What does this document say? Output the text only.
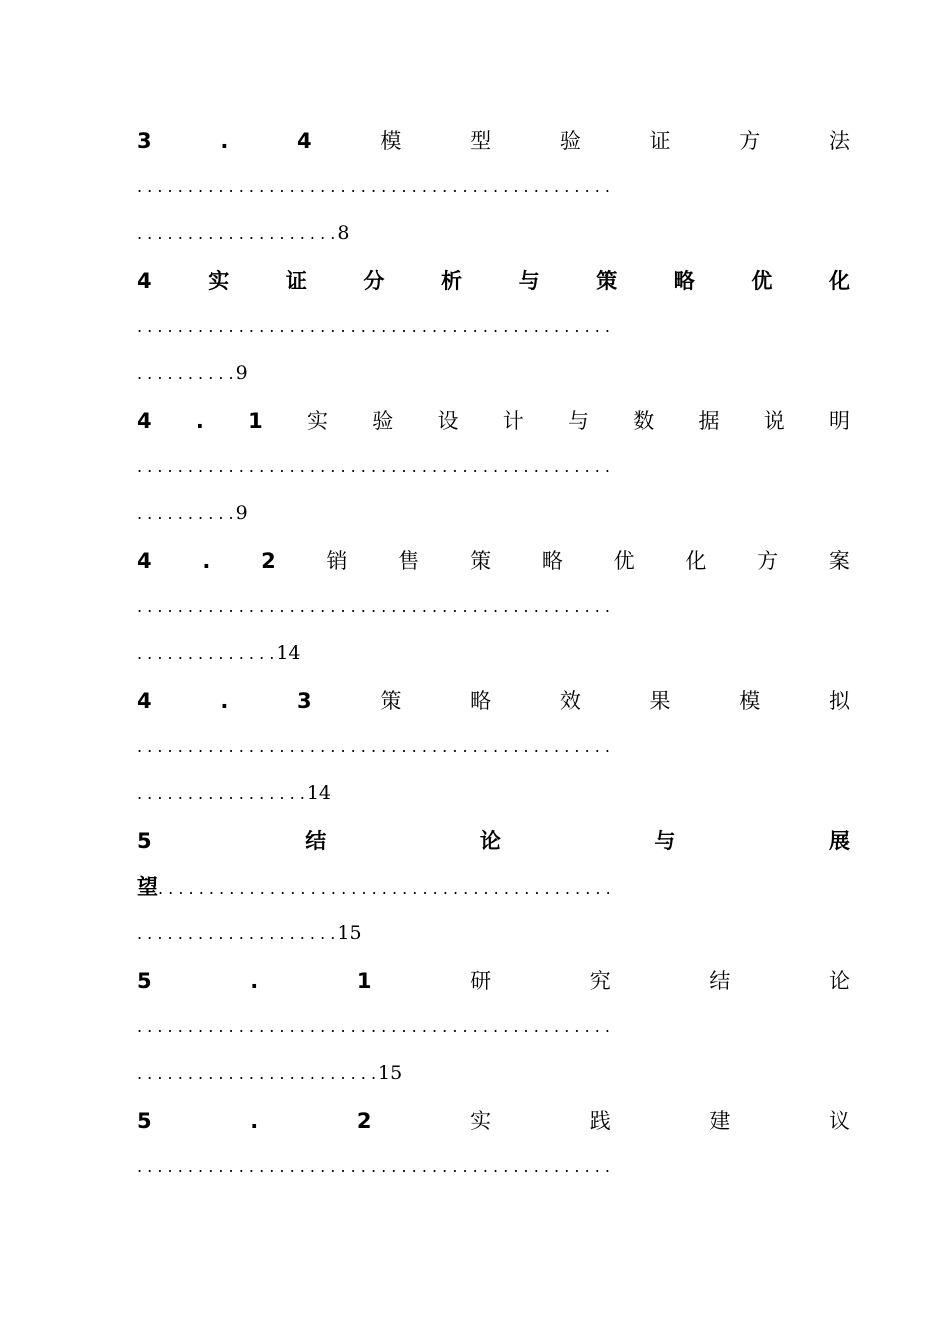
3	.	4	模	型	验	证	方	法
. . . . . . . . . . . . . . . . . . . . . . . . . . . . . . . . . . . . . . . . . . . . . . .
. . . . . . . . . . . . . . . . . . . . 8
4	实	证	分	析	与	策	略	优	化
. . . . . . . . . . . . . . . . . . . . . . . . . . . . . . . . . . . . . . . . . . . . . . .
. . . . . . . . . . 9
4 . 1 实 验 设 计 与 数 据 说 明
. . . . . . . . . . . . . . . . . . . . . . . . . . . . . . . . . . . . . . . . . . . . . . .
. . . . . . . . . . 9
4 . 2 销 售 策 略 优 化 方 案
. . . . . . . . . . . . . . . . . . . . . . . . . . . . . . . . . . . . . . . . . . . . . . .
. . . . . . . . . . . . . . 14
4	.	3	策	略	效	果	模	拟
. . . . . . . . . . . . . . . . . . . . . . . . . . . . . . . . . . . . . . . . . . . . . . .
. . . . . . . . . . . . . . . . . 14
5	结	论	与	展
望. . . . . . . . . . . . . . . . . . . . . . . . . . . . . . . . . . . . . . . . . . . . .
. . . . . . . . . . . . . . . . . . . . 15
5	.	1	研	究	结	论
. . . . . . . . . . . . . . . . . . . . . . . . . . . . . . . . . . . . . . . . . . . . . . .
. . . . . . . . . . . . . . . . . . . . . . . . 15
5	.	2	实	践	建	议
. . . . . . . . . . . . . . . . . . . . . . . . . . . . . . . . . . . . . . . . . . . . . . .
